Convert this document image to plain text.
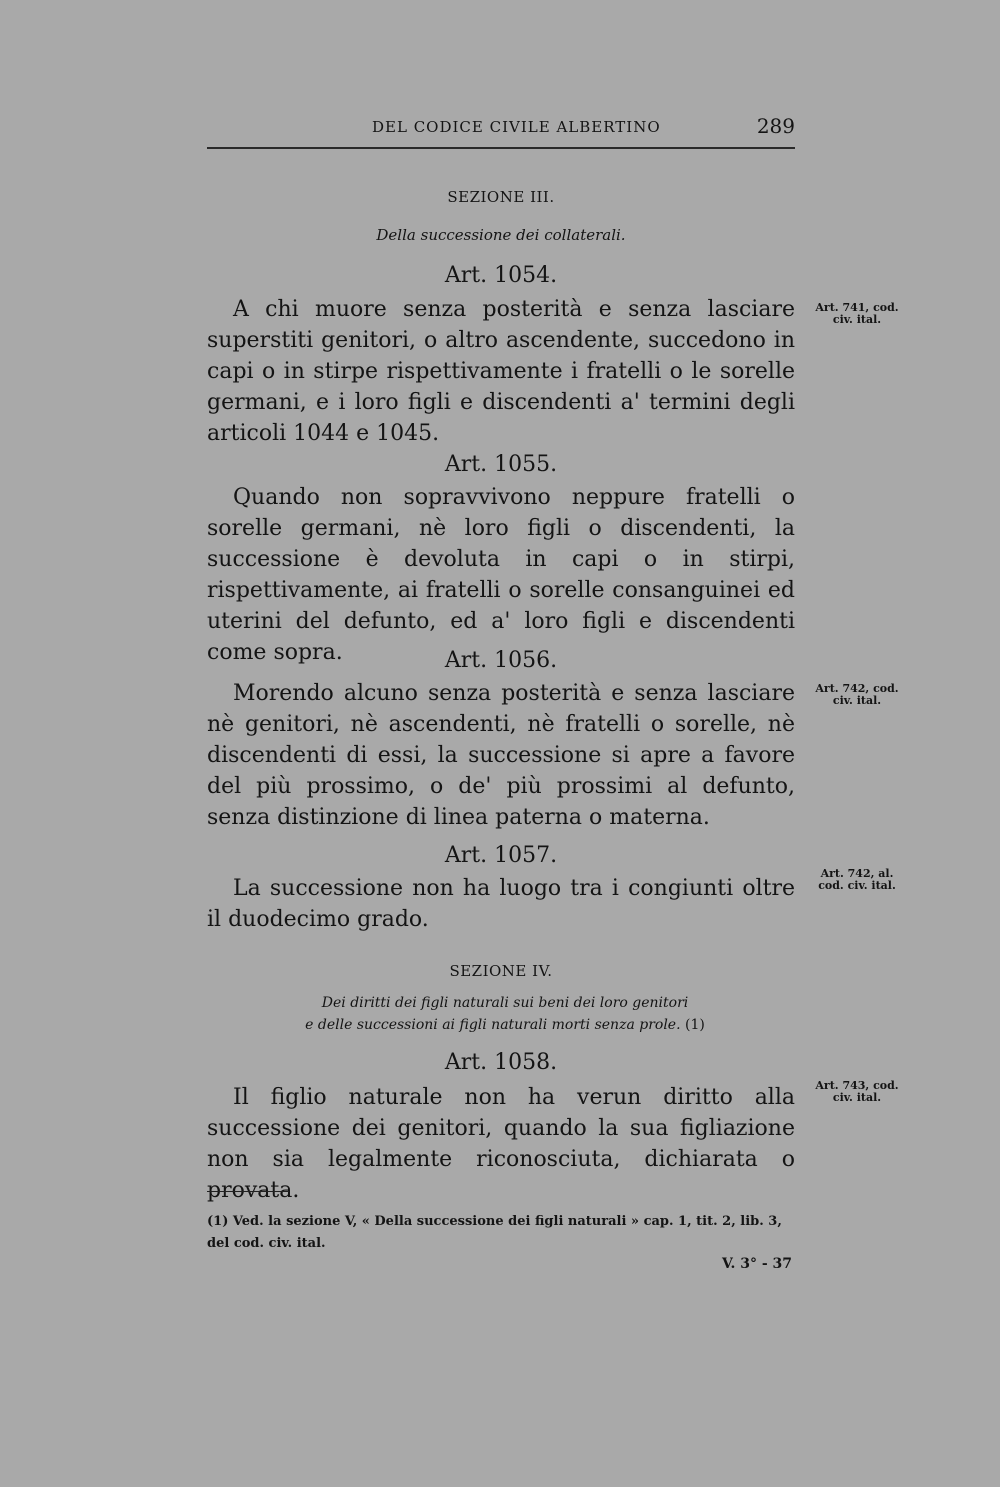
DEL CODICE CIVILE ALBERTINO	289
SEZIONE III.
Della successione dei collaterali.
Art. 1054.

A chi muore senza posterità e senza lasciare superstiti genitori, o altro ascendente, succedono in capi o in stirpe rispettivamente i fratelli o le sorelle germani, e i loro figli e discendenti a' termini degli articoli 1044 e 1045.

Art. 741, cod. civ. ital.
Art. 1055.

Quando non sopravvivono neppure fratelli o sorelle germani, nè loro figli o discendenti, la successione è devoluta in capi o in stirpi, rispettivamente, ai fratelli o sorelle consanguinei ed uterini del defunto, ed a' loro figli e discendenti come sopra.	Art. 1056.

Morendo alcuno senza posterità e senza lasciare nè genitori, nè ascendenti, nè fratelli o sorelle, nè discendenti di essi, la successione si apre a favore del più prossimo, o de' più prossimi al defunto, senza distinzione di linea paterna o materna.

Art. 742, cod. civ. ital.
Art. 1057.

La successione non ha luogo tra i congiunti oltre il duodecimo grado.

Art. 742, al. cod. civ. ital.
SEZIONE IV.
Dei diritti dei figli naturali sui beni dei loro genitori
e delle successioni ai figli naturali morti senza prole. (1)
Art. 1058.

Il figlio naturale non ha verun diritto alla successione dei genitori, quando la sua figliazione non sia legalmente riconosciuta, dichiarata o provata.

Art. 743, cod. civ. ital.
(1) Ved. la sezione V, « Della successione dei figli naturali » cap. 1, tit. 2, lib. 3, del cod. civ. ital.
V. 3° - 37
